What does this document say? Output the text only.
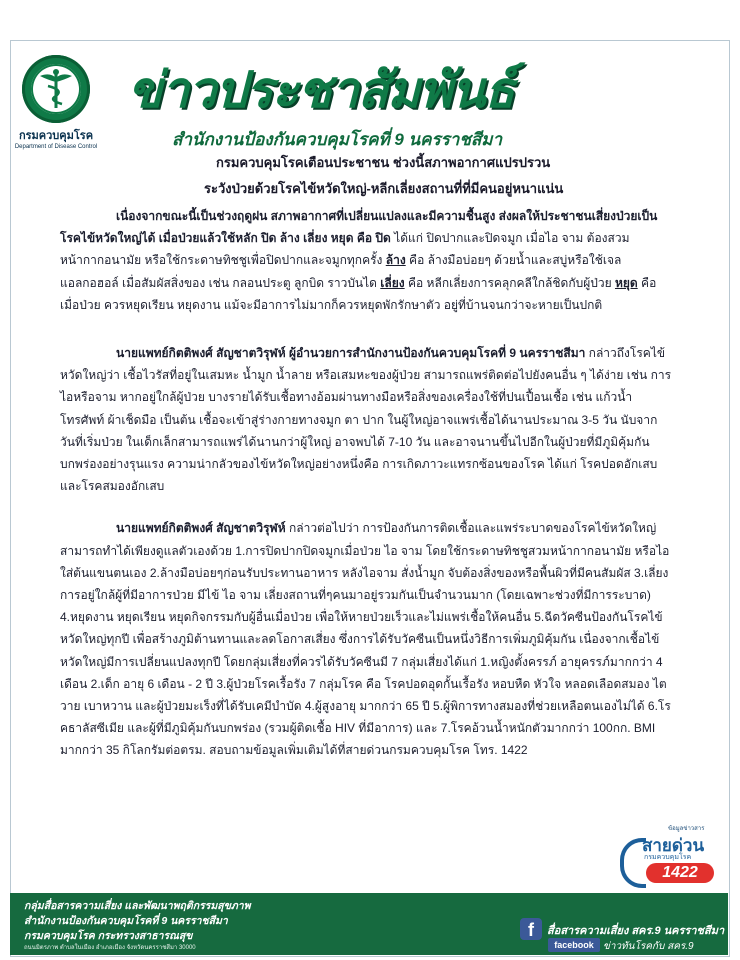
กรมควบคุมโรค
Department of Disease Control
ข่าวประชาสัมพันธ์
สำนักงานป้องกันควบคุมโรคที่ 9 นครราชสีมา
กรมควบคุมโรคเตือนประชาชน ช่วงนี้สภาพอากาศแปรปรวน
ระวังป่วยด้วยโรคไข้หวัดใหญ่-หลีกเลี่ยงสถานที่ที่มีคนอยู่หนาแน่น

เนื่องจากขณะนี้เป็นช่วงฤดูฝน สภาพอากาศที่เปลี่ยนแปลงและมีความชื้นสูง ส่งผลให้ประชาชนเสี่ยงป่วยเป็นโรคไข้หวัดใหญ่ได้ เมื่อป่วยแล้วใช้หลัก ปิด ล้าง เลี่ยง หยุด คือ ปิด ได้แก่ ปิดปากและปิดจมูก เมื่อไอ จาม ต้องสวมหน้ากากอนามัย หรือใช้กระดาษทิชชูเพื่อปิดปากและจมูกทุกครั้ง ล้าง คือ ล้างมือบ่อยๆ ด้วยน้ำและสบู่หรือใช้เจลแอลกอฮอล์ เมื่อสัมผัสสิ่งของ เช่น กลอนประตู ลูกบิด ราวบันได เลี่ยง คือ หลีกเลี่ยงการคลุกคลีใกล้ชิดกับผู้ป่วย หยุด คือ เมื่อป่วย ควรหยุดเรียน หยุดงาน แม้จะมีอาการไม่มากก็ควรหยุดพักรักษาตัว อยู่ที่บ้านจนกว่าจะหายเป็นปกติ

นายแพทย์กิตติพงศ์ สัญชาตวิรุฬห์ ผู้อำนวยการสำนักงานป้องกันควบคุมโรคที่ 9 นครราชสีมา กล่าวถึงโรคไข้หวัดใหญ่ว่า เชื้อไวรัสที่อยู่ในเสมหะ น้ำมูก น้ำลาย หรือเสมหะของผู้ป่วย สามารถแพร่ติดต่อไปยังคนอื่น ๆ ได้ง่าย เช่น การไอหรือจาม หากอยู่ใกล้ผู้ป่วย บางรายได้รับเชื้อทางอ้อมผ่านทางมือหรือสิ่งของเครื่องใช้ที่ปนเปื้อนเชื้อ เช่น แก้วน้ำ โทรศัพท์ ผ้าเช็ดมือ เป็นต้น เชื้อจะเข้าสู่ร่างกายทางจมูก ตา ปาก ในผู้ใหญ่อาจแพร่เชื้อได้นานประมาณ 3-5 วัน นับจากวันที่เริ่มป่วย ในเด็กเล็กสามารถแพร่ได้นานกว่าผู้ใหญ่ อาจพบได้ 7-10 วัน และอาจนานขึ้นไปอีกในผู้ป่วยที่มีภูมิคุ้มกันบกพร่องอย่างรุนแรง ความน่ากลัวของไข้หวัดใหญ่อย่างหนึ่งคือ การเกิดภาวะแทรกซ้อนของโรค ได้แก่ โรคปอดอักเสบ และโรคสมองอักเสบ

นายแพทย์กิตติพงศ์ สัญชาตวิรุฬห์ กล่าวต่อไปว่า การป้องกันการติดเชื้อและแพร่ระบาดของโรคไข้หวัดใหญ่สามารถทำได้เพียงดูแลตัวเองด้วย 1.การปิดปากปิดจมูกเมื่อป่วย ไอ จาม โดยใช้กระดาษทิชชูสวมหน้ากากอนามัย หรือไอใส่ต้นแขนตนเอง 2.ล้างมือบ่อยๆก่อนรับประทานอาหาร หลังไอจาม สั่งน้ำมูก จับต้องสิ่งของหรือพื้นผิวที่มีคนสัมผัส 3.เลี่ยงการอยู่ใกล้ผู้ที่มีอาการป่วย มีไข้ ไอ จาม เลี่ยงสถานที่ๆคนมาอยู่รวมกันเป็นจำนวนมาก (โดยเฉพาะช่วงที่มีการระบาด) 4.หยุดงาน หยุดเรียน หยุดกิจกรรมกับผู้อื่นเมื่อป่วย เพื่อให้หายป่วยเร็วและไม่แพร่เชื้อให้คนอื่น 5.ฉีดวัคซีนป้องกันโรคไข้หวัดใหญ่ทุกปี เพื่อสร้างภูมิต้านทานและลดโอกาสเสี่ยง ซึ่งการได้รับวัคซีนเป็นหนึ่งวิธีการเพิ่มภูมิคุ้มกัน เนื่องจากเชื้อไข้หวัดใหญ่มีการเปลี่ยนแปลงทุกปี โดยกลุ่มเสี่ยงที่ควรได้รับวัคซีนมี 7 กลุ่มเสี่ยงได้แก่ 1.หญิงตั้งครรภ์ อายุครรภ์มากกว่า 4 เดือน 2.เด็ก อายุ 6 เดือน - 2 ปี 3.ผู้ป่วยโรคเรื้อรัง 7 กลุ่มโรค คือ โรคปอดอุดกั้นเรื้อรัง หอบหืด หัวใจ หลอดเลือดสมอง ไตวาย เบาหวาน และผู้ป่วยมะเร็งที่ได้รับเคมีบำบัด 4.ผู้สูงอายุ มากกว่า 65 ปี 5.ผู้พิการทางสมองที่ช่วยเหลือตนเองไม่ได้ 6.โรคธาลัสซีเมีย และผู้ที่มีภูมิคุ้มกันบกพร่อง (รวมผู้ติดเชื้อ HIV ที่มีอาการ) และ 7.โรคอ้วนน้ำหนักตัวมากกว่า 100กก. BMI มากกว่า 35 กิโลกรัมต่อตรม. สอบถามข้อมูลเพิ่มเติมได้ที่สายด่วนกรมควบคุมโรค โทร. 1422

ข้อมูลข่าวสาร
สายด่วน
กรมควบคุมโรค
1422
กลุ่มสื่อสารความเสี่ยง และพัฒนาพฤติกรรมสุขภาพ
สำนักงานป้องกันควบคุมโรคที่ 9 นครราชสีมา
กรมควบคุมโรค กระทรวงสาธารณสุข
ถนนมิตรภาพ ตำบลในเมือง อำเภอเมือง จังหวัดนครราชสีมา 30000
f	สื่อสารความเสี่ยง สคร.9 นครราชสีมา
facebook ข่าวทันโรคกับ สคร.9
